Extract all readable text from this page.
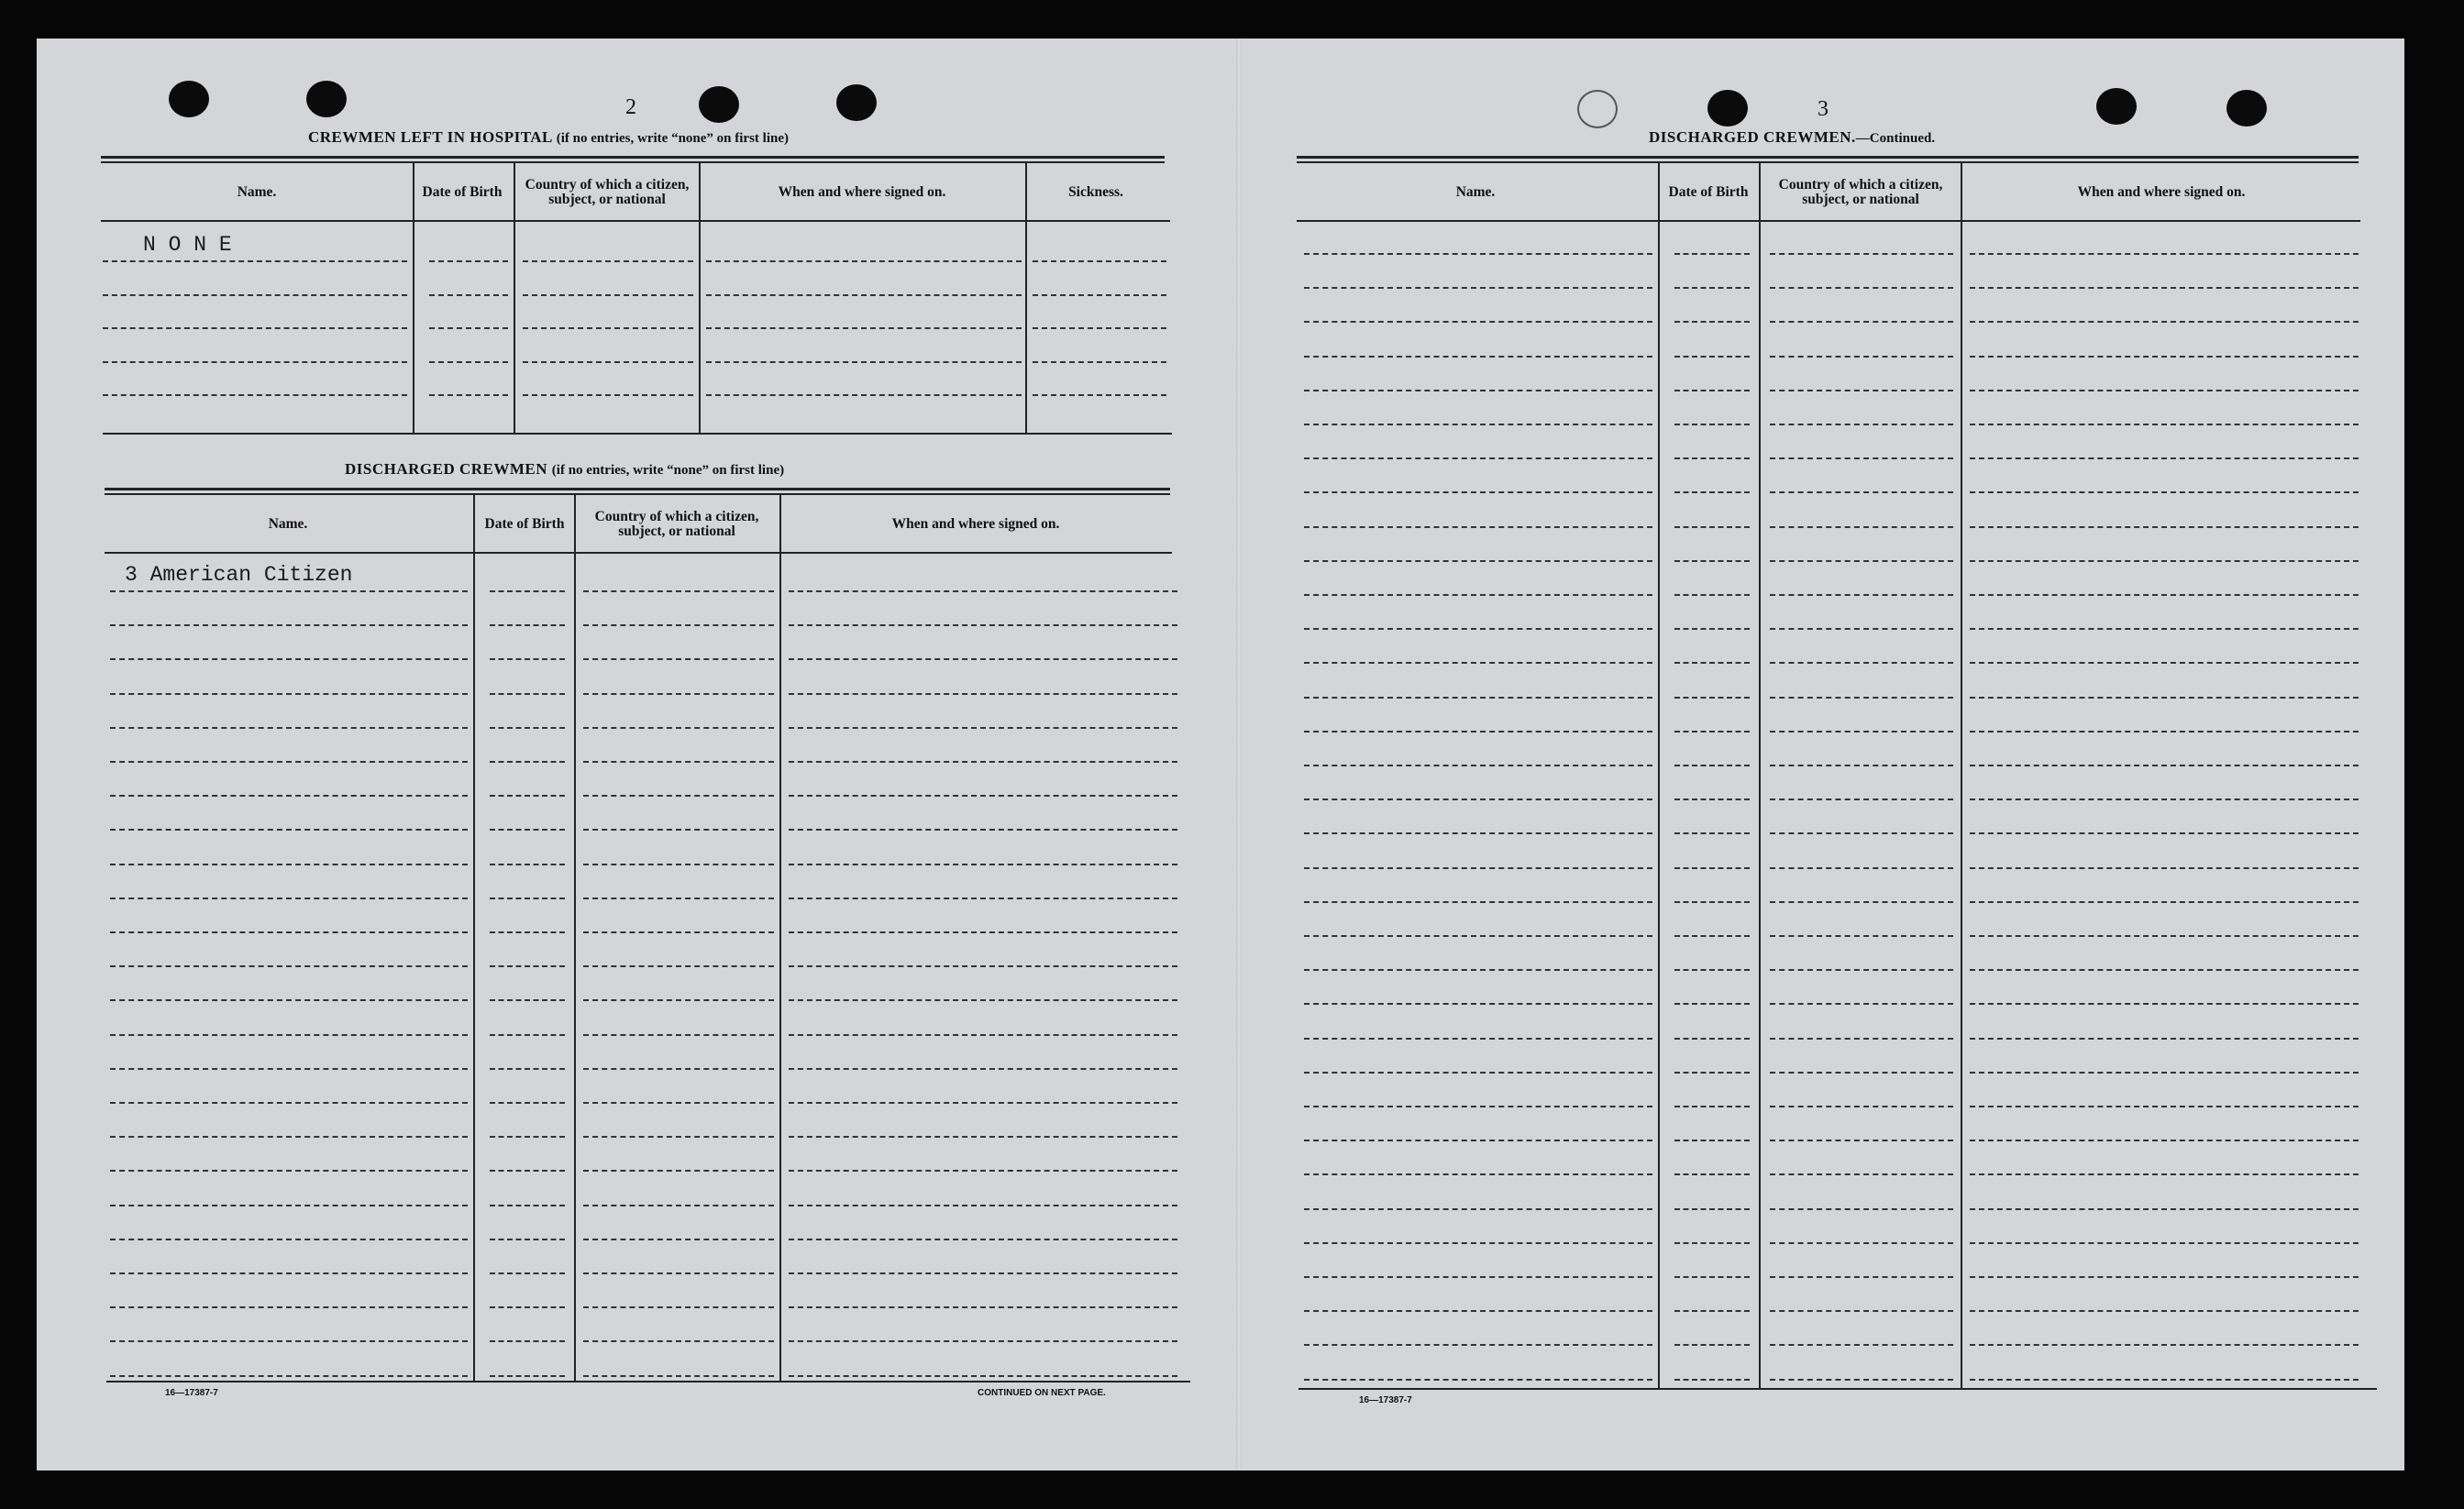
2
CREWMEN LEFT IN HOSPITAL (if no entries, write “none” on first line)
Name.	Date of Birth	Country of which a citizen, subject, or national	When and where signed on.	Sickness.
N O N E
DISCHARGED CREWMEN (if no entries, write “none” on first line)
Name.	Date of Birth	Country of which a citizen, subject, or national	When and where signed on.
3 American Citizen
16—17387-7	CONTINUED ON NEXT PAGE.
3
DISCHARGED CREWMEN.—Continued.
Name.	Date of Birth	Country of which a citizen, subject, or national	When and where signed on.
16—17387-7
